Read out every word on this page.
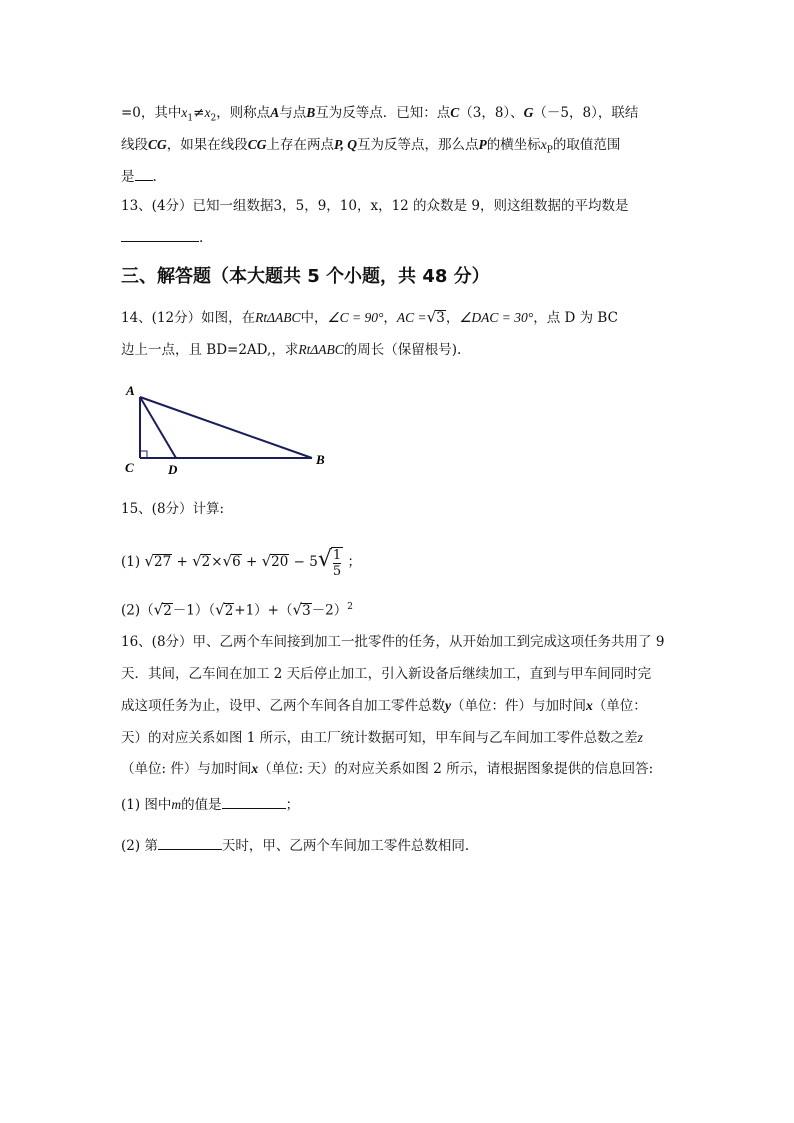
=0，其中$x_1\ne x_2$，则称点A与点B互为反等点．已知：点C（3，8）、G（－5，8），联结
线段CG，如果在线段CG上存在两点P, Q互为反等点，那么点P的横坐标$x_P$的取值范围
是 .
13、(4分）已知一组数据3，5，9，10，x，12 的众数是 9，则这组数据的平均数是
.
三、解答题（本大题共 5 个小题，共 48 分）
14、(12分）如图，在RtΔABC中，∠C = 90°，AC =√3，∠DAC = 30°，点 D 为 BC
边上一点，且 BD=2AD,，求RtΔABC的周长（保留根号).
A
B
C	D
15、(8分）计算:
(1) $√27 + √2\times√6 + √20 - 5√ \frac{1}{5}$ ；
$(2)(√2-1)(√2+1)+(√3-2)^2$
16、(8分）甲、乙两个车间接到加工一批零件的任务，从开始加工到完成这项任务共用了 9
天．其间，乙车间在加工 2 天后停止加工，引入新设备后继续加工，直到与甲车间同时完
成这项任务为止，设甲、乙两个车间各自加工零件总数y（单位：件）与加时间x（单位：
天）的对应关系如图 1 所示，由工厂统计数据可知，甲车间与乙车间加工零件总数之差z
（单位: 件）与加时间x（单位: 天）的对应关系如图 2 所示，请根据图象提供的信息回答:
(1) 图中m的值是	；
(2) 第	天时，甲、乙两个车间加工零件总数相同.
